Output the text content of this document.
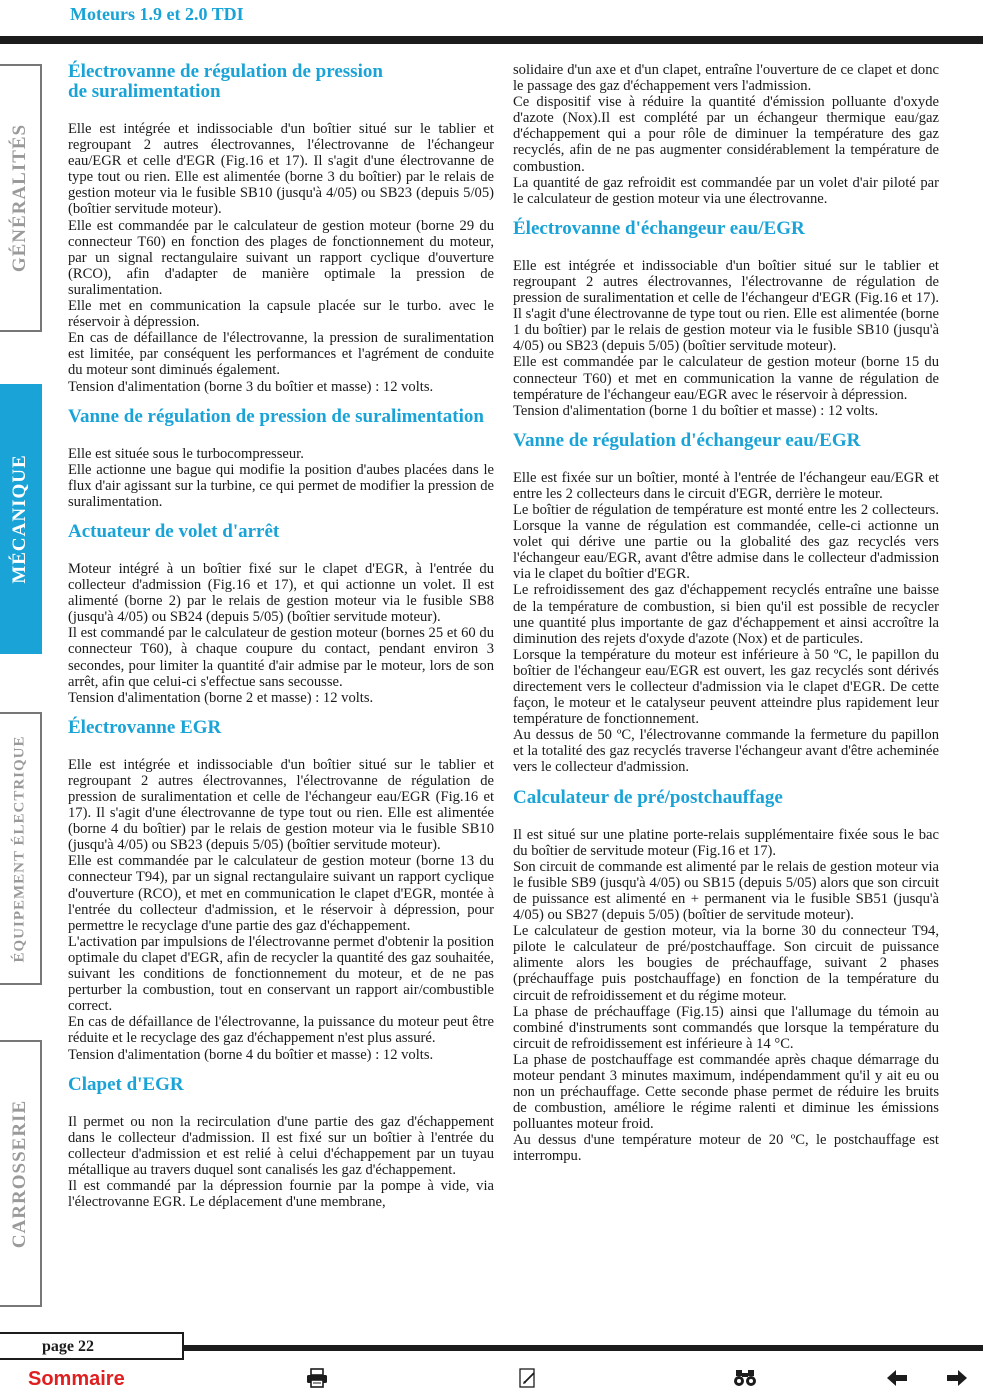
Moteurs 1.9 et 2.0 TDI
GÉNÉRALITÉS
MÉCANIQUE
ÉQUIPEMENT ÉLECTRIQUE
CARROSSERIE
Électrovanne de régulation de pression
de suralimentation

Elle est intégrée et indissociable d'un boîtier situé sur le tablier et regroupant 2 autres électrovannes, l'électrovanne de l'échangeur eau/EGR et celle d'EGR (Fig.16 et 17). Il s'agit d'une électrovanne de type tout ou rien. Elle est alimentée (borne 3 du boîtier) par le relais de gestion moteur via le fusible SB10 (jusqu'à 4/05) ou SB23 (depuis 5/05) (boîtier servitude moteur).

Elle est commandée par le calculateur de gestion moteur (borne 29 du connecteur T60) en fonction des plages de fonctionnement du moteur, par un signal rectangulaire suivant un rapport cyclique d'ouverture (RCO), afin d'adapter de manière optimale la pression de suralimentation.

Elle met en communication la capsule placée sur le turbo. avec le réservoir à dépression.

En cas de défaillance de l'électrovanne, la pression de suralimentation est limitée, par conséquent les performances et l'agrément de conduite du moteur sont diminués également.

Tension d'alimentation (borne 3 du boîtier et masse) : 12 volts.

Vanne de régulation de pression de suralimentation

Elle est située sous le turbocompresseur.

Elle actionne une bague qui modifie la position d'aubes placées dans le flux d'air agissant sur la turbine, ce qui permet de modifier la pression de suralimentation.

Actuateur de volet d'arrêt

Moteur intégré à un boîtier fixé sur le clapet d'EGR, à l'entrée du collecteur d'admission (Fig.16 et 17), et qui actionne un volet. Il est alimenté (borne 2) par le relais de gestion moteur via le fusible SB8 (jusqu'à 4/05) ou SB24 (depuis 5/05) (boîtier servitude moteur).

Il est commandé par le calculateur de gestion moteur (bornes 25 et 60 du connecteur T60), à chaque coupure du contact, pendant environ 3 secondes, pour limiter la quantité d'air admise par le moteur, lors de son arrêt, afin que celui-ci s'effectue sans secousse.

Tension d'alimentation (borne 2 et masse) : 12 volts.

Électrovanne EGR

Elle est intégrée et indissociable d'un boîtier situé sur le tablier et regroupant 2 autres électrovannes, l'électrovanne de régulation de pression de suralimentation et celle de l'échangeur eau/EGR (Fig.16 et 17). Il s'agit d'une électrovanne de type tout ou rien. Elle est alimentée (borne 4 du boîtier) par le relais de gestion moteur via le fusible SB10 (jusqu'à 4/05) ou SB23 (depuis 5/05) (boîtier servitude moteur).

Elle est commandée par le calculateur de gestion moteur (borne 13 du connecteur T94), par un signal rectangulaire suivant un rapport cyclique d'ouverture (RCO), et met en communication le clapet d'EGR, montée à l'entrée du collecteur d'admission, et le réservoir à dépression, pour permettre le recyclage d'une partie des gaz d'échappement.

L'activation par impulsions de l'électrovanne permet d'obtenir la position optimale du clapet d'EGR, afin de recycler la quantité des gaz souhaitée, suivant les conditions de fonctionnement du moteur, et de ne pas perturber la combustion, tout en conservant un rapport air/combustible correct.

En cas de défaillance de l'électrovanne, la puissance du moteur peut être réduite et le recyclage des gaz d'échappement n'est plus assuré.

Tension d'alimentation (borne 4 du boîtier et masse) : 12 volts.

Clapet d'EGR

Il permet ou non la recirculation d'une partie des gaz d'échappement dans le collecteur d'admission. Il est fixé sur un boîtier à l'entrée du collecteur d'admission et est relié à celui d'échappement par un tuyau métallique au travers duquel sont canalisés les gaz d'échappement.

Il est commandé par la dépression fournie par la pompe à vide, via l'électrovanne EGR. Le déplacement d'une membrane,

solidaire d'un axe et d'un clapet, entraîne l'ouverture de ce clapet et donc le passage des gaz d'échappement vers l'admission.

Ce dispositif vise à réduire la quantité d'émission polluante d'oxyde d'azote (Nox).Il est complété par un échangeur thermique eau/gaz d'échappement qui a pour rôle de diminuer la température des gaz recyclés, afin de ne pas augmenter considérablement la température de combustion.

La quantité de gaz refroidit est commandée par un volet d'air piloté par le calculateur de gestion moteur via une électrovanne.

Électrovanne d'échangeur eau/EGR

Elle est intégrée et indissociable d'un boîtier situé sur le tablier et regroupant 2 autres électrovannes, l'électrovanne de régulation de pression de suralimentation et celle de l'échangeur d'EGR (Fig.16 et 17). Il s'agit d'une électrovanne de type tout ou rien. Elle est alimentée (borne 1 du boîtier) par le relais de gestion moteur via le fusible SB10 (jusqu'à 4/05) ou SB23 (depuis 5/05) (boîtier servitude moteur).

Elle est commandée par le calculateur de gestion moteur (borne 15 du connecteur T60) et met en communication la vanne de régulation de température de l'échangeur eau/EGR avec le réservoir à dépression.

Tension d'alimentation (borne 1 du boîtier et masse) : 12 volts.

Vanne de régulation d'échangeur eau/EGR

Elle est fixée sur un boîtier, monté à l'entrée de l'échangeur eau/EGR et entre les 2 collecteurs dans le circuit d'EGR, derrière le moteur.

Le boîtier de régulation de température est monté entre les 2 collecteurs. Lorsque la vanne de régulation est commandée, celle-ci actionne un volet qui dérive une partie ou la globalité des gaz recyclés vers l'échangeur eau/EGR, avant d'être admise dans le collecteur d'admission via le clapet du boîtier d'EGR.

Le refroidissement des gaz d'échappement recyclés entraîne une baisse de la température de combustion, si bien qu'il est possible de recycler une quantité plus importante de gaz d'échappement et ainsi accroître la diminution des rejets d'oxyde d'azote (Nox) et de particules.

Lorsque la température du moteur est inférieure à 50 ºC, le papillon du boîtier de l'échangeur eau/EGR est ouvert, les gaz recyclés sont dérivés directement vers le collecteur d'admission via le clapet d'EGR. De cette façon, le moteur et le catalyseur peuvent atteindre plus rapidement leur température de fonctionnement.

Au dessus de 50 ºC, l'électrovanne commande la fermeture du papillon et la totalité des gaz recyclés traverse l'échangeur avant d'être acheminée vers le collecteur d'admission.

Calculateur de pré/postchauffage

Il est situé sur une platine porte-relais supplémentaire fixée sous le bac du boîtier de servitude moteur (Fig.16 et 17).

Son circuit de commande est alimenté par le relais de gestion moteur via le fusible SB9 (jusqu'à 4/05) ou SB15 (depuis 5/05) alors que son circuit de puissance est alimenté en + permanent via le fusible SB51 (jusqu'à 4/05) ou SB27 (depuis 5/05) (boîtier de servitude moteur).

Le calculateur de gestion moteur, via la borne 30 du connecteur T94, pilote le calculateur de pré/postchauffage. Son circuit de puissance alimente alors les bougies de préchauffage, suivant 2 phases (préchauffage puis postchauffage) en fonction de la température du circuit de refroidissement et du régime moteur.

La phase de préchauffage (Fig.15) ainsi que l'allumage du témoin au combiné d'instruments sont commandés que lorsque la température du circuit de refroidissement est inférieure à 14 °C.

La phase de postchauffage est commandée après chaque démarrage du moteur pendant 3 minutes maximum, indépendamment qu'il y ait eu ou non un préchauffage. Cette seconde phase permet de réduire les bruits de combustion, améliore le régime ralenti et diminue les émissions polluantes moteur froid.

Au dessus d'une température moteur de 20 ºC, le postchauffage est interrompu.

page 22
Sommaire
